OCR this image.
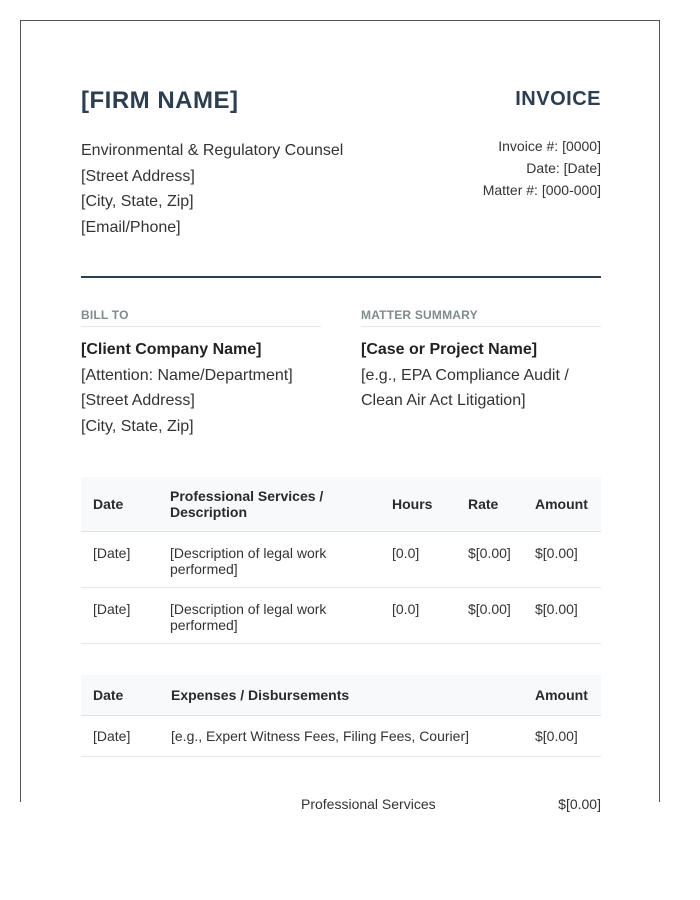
[FIRM NAME]
Environmental & Regulatory Counsel
[Street Address]
[City, State, Zip]
[Email/Phone]
INVOICE
Invoice #: [0000]
Date: [Date]
Matter #: [000-000]
BILL TO
[Client Company Name]
[Attention: Name/Department]
[Street Address]
[City, State, Zip]
MATTER SUMMARY
[Case or Project Name]
[e.g., EPA Compliance Audit /
Clean Air Act Litigation]
Date	Professional Services / Description	Hours	Rate	Amount
[Date]	[Description of legal work performed]	[0.0]	$[0.00]	$[0.00]
[Date]	[Description of legal work performed]	[0.0]	$[0.00]	$[0.00]
Date	Expenses / Disbursements	Amount
[Date]	[e.g., Expert Witness Fees, Filing Fees, Courier]	$[0.00]
Professional Services	$[0.00]
